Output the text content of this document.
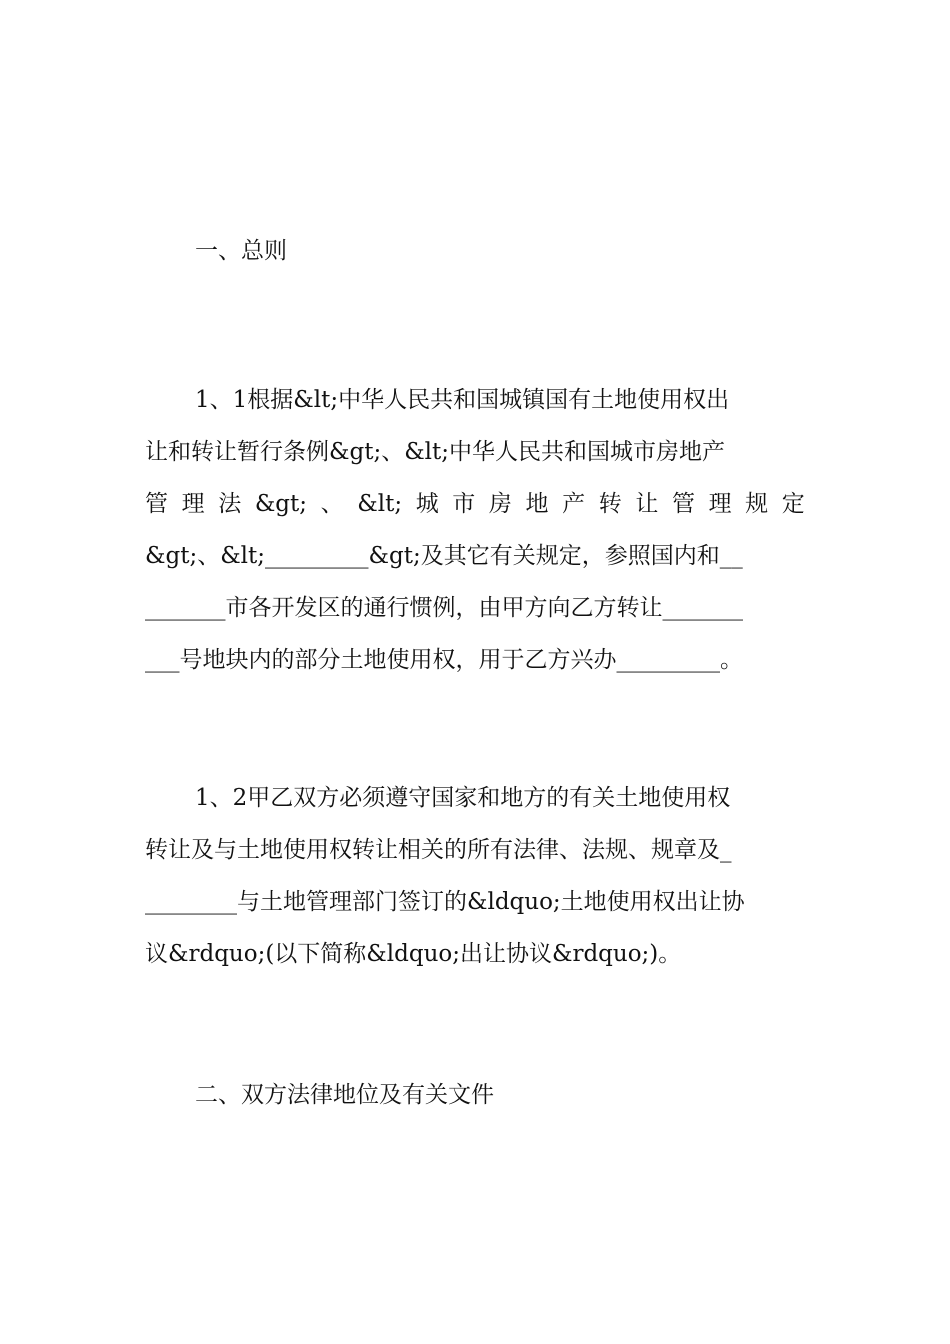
一、总则
1、1根据&lt;中华人民共和国城镇国有土地使用权出
让和转让暂行条例&gt;、&lt;中华人民共和国城市房地产
管 理 法 &gt; 、 &lt; 城 市 房 地 产 转 让 管 理 规 定
&gt;、&lt;_________&gt;及其它有关规定，参照国内和__
_______市各开发区的通行惯例，由甲方向乙方转让_______
___号地块内的部分土地使用权，用于乙方兴办_________。
1、2甲乙双方必须遵守国家和地方的有关土地使用权
转让及与土地使用权转让相关的所有法律、法规、规章及_
________与土地管理部门签订的&ldquo;土地使用权出让协
议&rdquo;(以下简称&ldquo;出让协议&rdquo;)。
二、双方法律地位及有关文件
